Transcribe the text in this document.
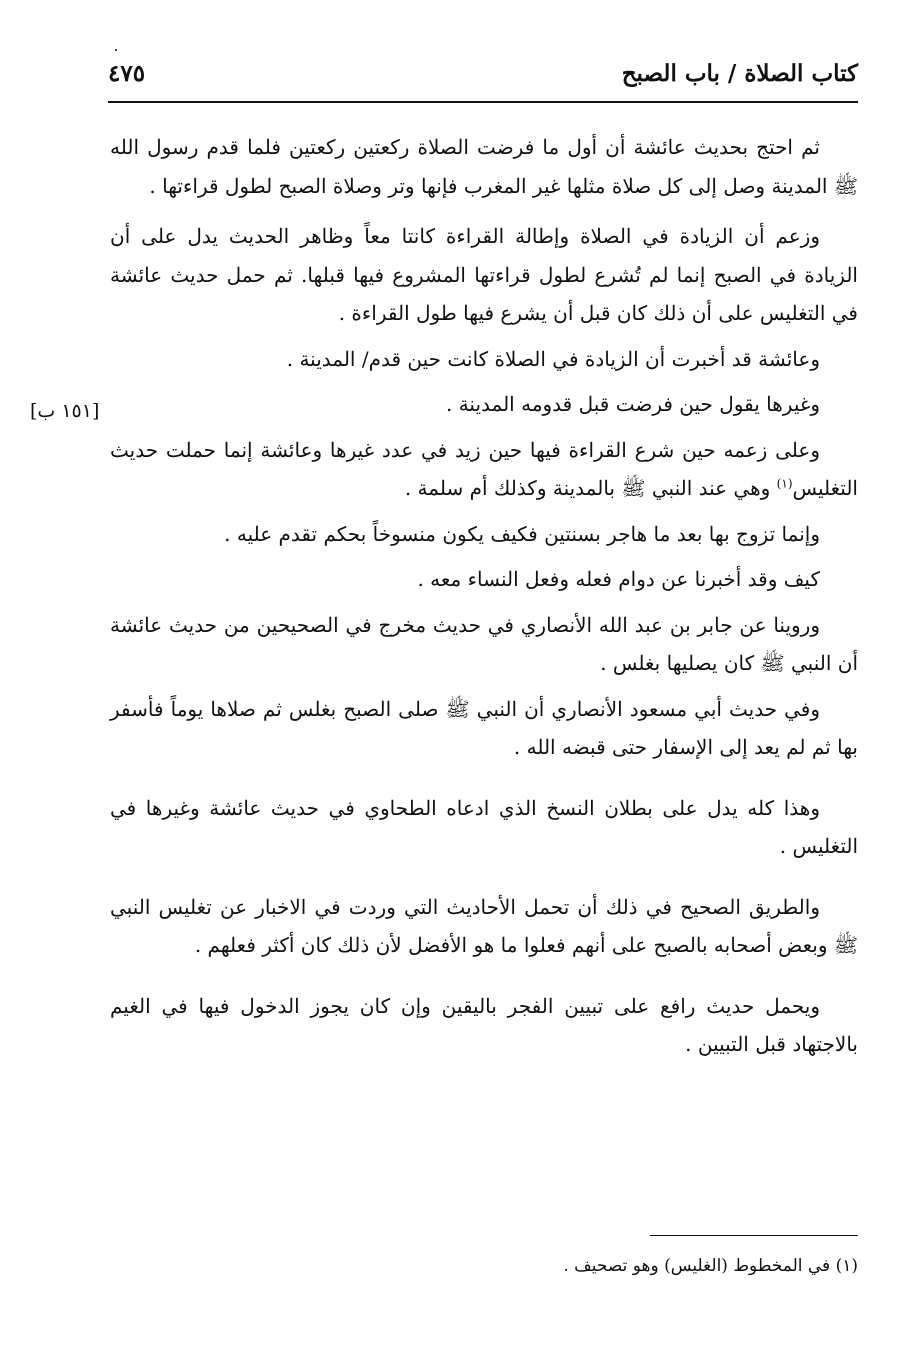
كتاب الصلاة / باب الصبح
٤٧٥
[١٥١ ب]

ثم احتج بحديث عائشة أن أول ما فرضت الصلاة ركعتين ركعتين فلما قدم رسول الله ﷺ المدينة وصل إلى كل صلاة مثلها غير المغرب فإنها وتر وصلاة الصبح لطول قراءتها .

وزعم أن الزيادة في الصلاة وإطالة القراءة كانتا معاً وظاهر الحديث يدل على أن الزيادة في الصبح إنما لم تُشرع لطول قراءتها المشروع فيها قبلها. ثم حمل حديث عائشة في التغليس على أن ذلك كان قبل أن يشرع فيها طول القراءة .

وعائشة قد أخبرت أن الزيادة في الصلاة كانت حين قدم/ المدينة .

وغيرها يقول حين فرضت قبل قدومه المدينة .

وعلى زعمه حين شرع القراءة فيها حين زيد في عدد غيرها وعائشة إنما حملت حديث التغليس$^{(١)}$ وهي عند النبي ﷺ بالمدينة وكذلك أم سلمة .

وإنما تزوج بها بعد ما هاجر بسنتين فكيف يكون منسوخاً بحكم تقدم عليه .

كيف وقد أخبرنا عن دوام فعله وفعل النساء معه .

وروينا عن جابر بن عبد الله الأنصاري في حديث مخرج في الصحيحين من حديث عائشة أن النبي ﷺ كان يصليها بغلس .

وفي حديث أبي مسعود الأنصاري أن النبي ﷺ صلى الصبح بغلس ثم صلاها يوماً فأسفر بها ثم لم يعد إلى الإسفار حتى قبضه الله .

وهذا كله يدل على بطلان النسخ الذي ادعاه الطحاوي في حديث عائشة وغيرها في التغليس .

والطريق الصحيح في ذلك أن تحمل الأحاديث التي وردت في الاخبار عن تغليس النبي ﷺ وبعض أصحابه بالصبح على أنهم فعلوا ما هو الأفضل لأن ذلك كان أكثر فعلهم .

ويحمل حديث رافع على تبيين الفجر باليقين وإن كان يجوز الدخول فيها في الغيم بالاجتهاد قبل التبيين .

(١) في المخطوط (الغليس) وهو تصحيف .
